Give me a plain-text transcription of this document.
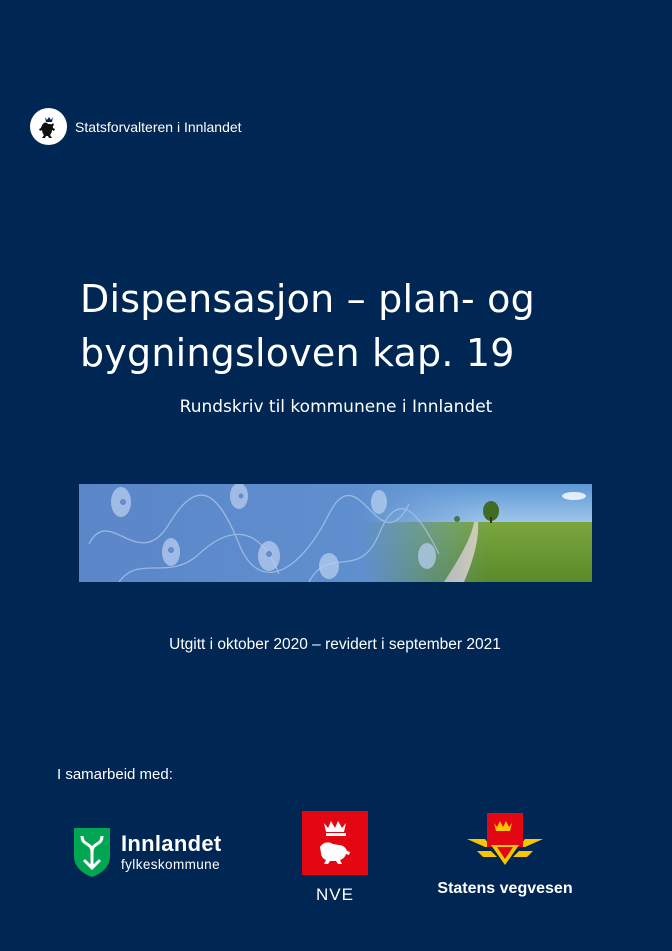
Statsforvalteren i Innlandet
Dispensasjon – plan- og
bygningsloven kap. 19
Rundskriv til kommunene i Innlandet
Utgitt i oktober 2020 – revidert i september 2021
I samarbeid med:
Innlandet
fylkeskommune
NVE	Statens vegvesen
